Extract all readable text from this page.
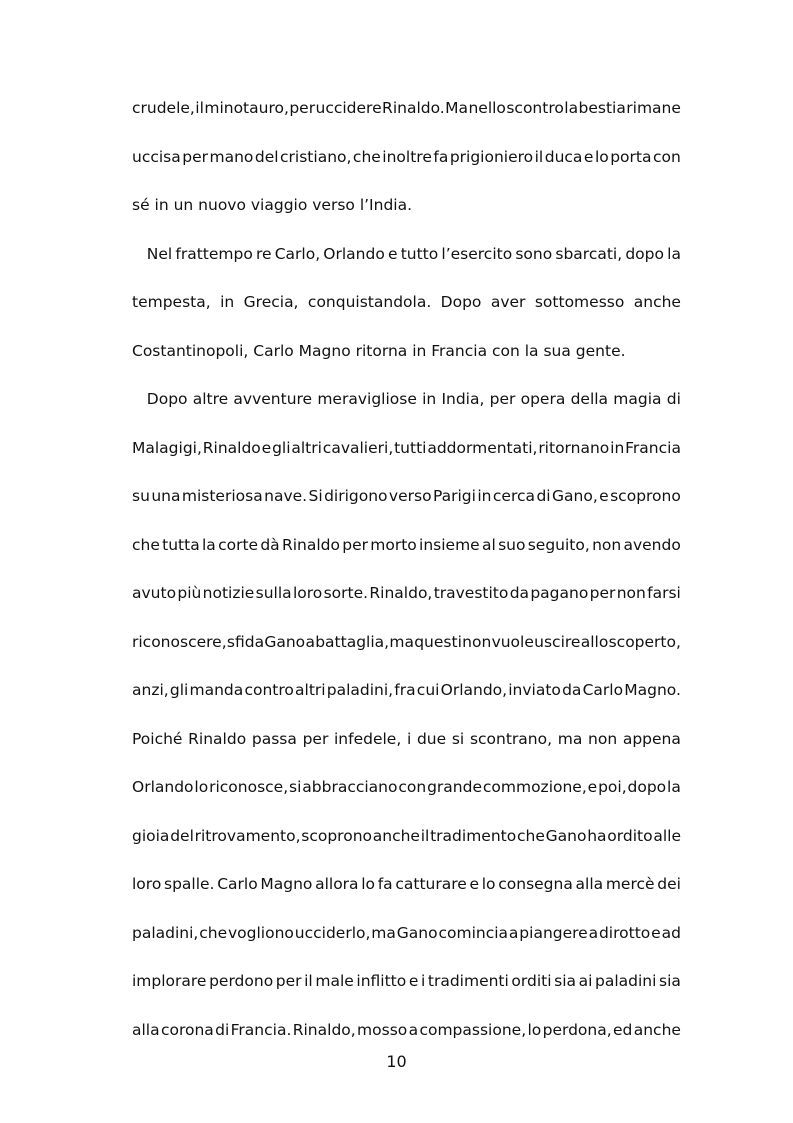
crudele, il minotauro, per uccidere Rinaldo. Ma nello scontro la bestia rimane
uccisa per mano del cristiano, che inoltre fa prigioniero il duca e lo porta con
sé in un nuovo viaggio verso l’India.
Nel frattempo re Carlo, Orlando e tutto l’esercito sono sbarcati, dopo la
tempesta, in Grecia, conquistandola. Dopo aver sottomesso anche
Costantinopoli, Carlo Magno ritorna in Francia con la sua gente.
Dopo altre avventure meravigliose in India, per opera della magia di
Malagigi, Rinaldo e gli altri cavalieri, tutti addormentati, ritornano in Francia
su una misteriosa nave. Si dirigono verso Parigi in cerca di Gano, e scoprono
che tutta la corte dà Rinaldo per morto insieme al suo seguito, non avendo
avuto più notizie sulla loro sorte. Rinaldo, travestito da pagano per non farsi
riconoscere, sfida Gano a battaglia, ma questi non vuole uscire allo scoperto,
anzi, gli manda contro altri paladini, fra cui Orlando, inviato da Carlo Magno.
Poiché Rinaldo passa per infedele, i due si scontrano, ma non appena
Orlando lo riconosce, si abbracciano con grande commozione, e poi, dopo la
gioia del ritrovamento, scoprono anche il tradimento che Gano ha ordito alle
loro spalle. Carlo Magno allora lo fa catturare e lo consegna alla mercè dei
paladini, che vogliono ucciderlo, ma Gano comincia a piangere a dirotto e ad
implorare perdono per il male inflitto e i tradimenti orditi sia ai paladini sia
alla corona di Francia. Rinaldo, mosso a compassione, lo perdona, ed anche
10
